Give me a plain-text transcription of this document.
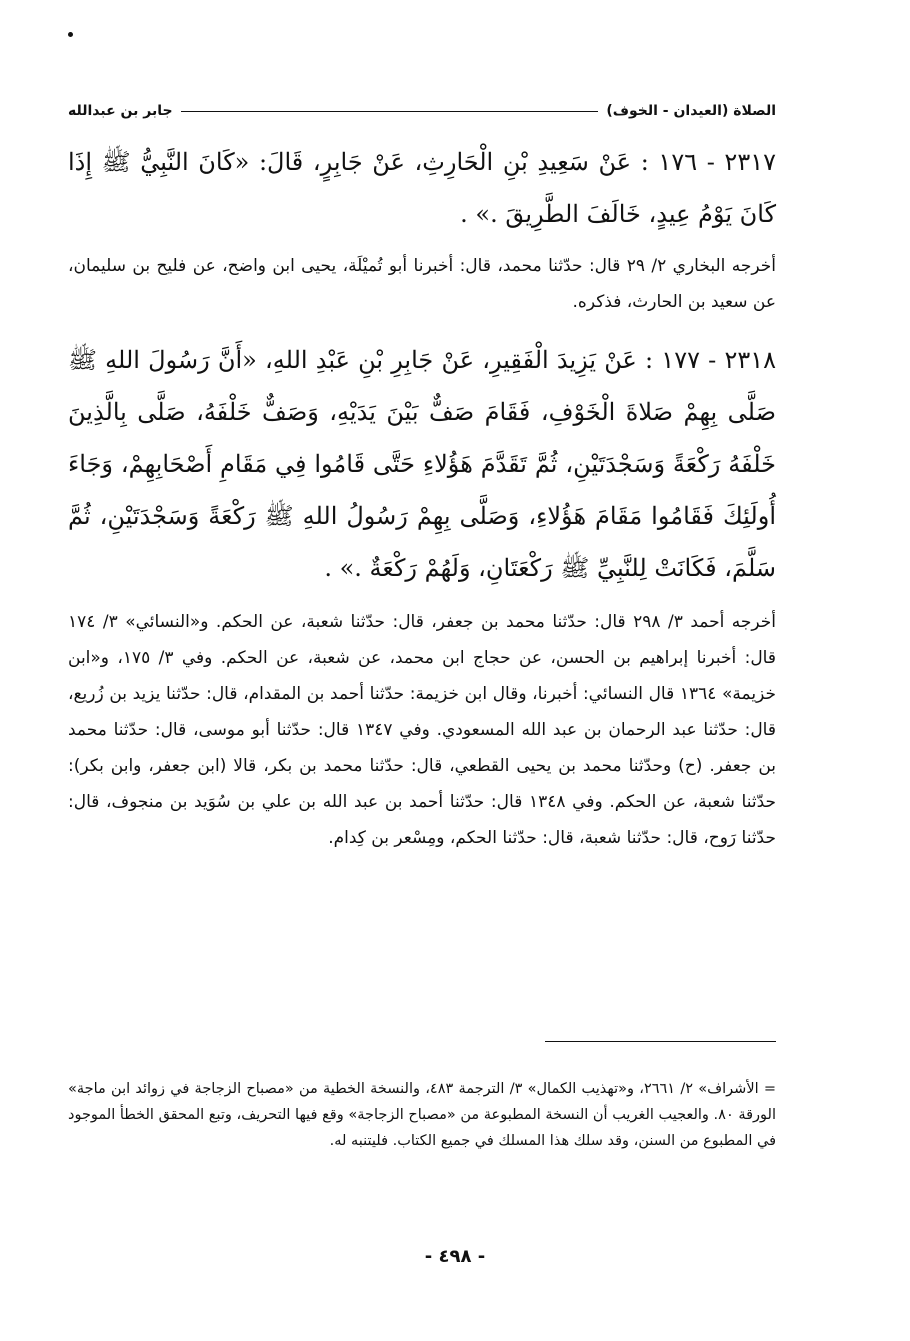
الصلاة (العيدان - الخوف)
جابر بن عبدالله

٢٣١٧ - ١٧٦ : عَنْ سَعِيدِ بْنِ الْحَارِثِ، عَنْ جَابِرٍ، قَالَ: «كَانَ النَّبِيُّ ﷺ إِذَا كَانَ يَوْمُ عِيدٍ، خَالَفَ الطَّرِيقَ .» .

أخرجه البخاري ٢/ ٢٩ قال: حدّثنا محمد، قال: أخبرنا أبو تُميْلَة، يحيى ابن واضح، عن فليح بن سليمان، عن سعيد بن الحارث، فذكره.

٢٣١٨ - ١٧٧ : عَنْ يَزِيدَ الْفَقِيرِ، عَنْ جَابِرِ بْنِ عَبْدِ اللهِ، «أَنَّ رَسُولَ اللهِ ﷺ صَلَّى بِهِمْ صَلاةَ الْخَوْفِ، فَقَامَ صَفٌّ بَيْنَ يَدَيْهِ، وَصَفٌّ خَلْفَهُ، صَلَّى بِالَّذِينَ خَلْفَهُ رَكْعَةً وَسَجْدَتَيْنِ، ثُمَّ تَقَدَّمَ هَؤُلاءِ حَتَّى قَامُوا فِي مَقَامِ أَصْحَابِهِمْ، وَجَاءَ أُولَئِكَ فَقَامُوا مَقَامَ هَؤُلاءِ، وَصَلَّى بِهِمْ رَسُولُ اللهِ ﷺ رَكْعَةً وَسَجْدَتَيْنِ، ثُمَّ سَلَّمَ، فَكَانَتْ لِلنَّبِيِّ ﷺ رَكْعَتَانِ، وَلَهُمْ رَكْعَةٌ .» .

أخرجه أحمد ٣/ ٢٩٨ قال: حدّثنا محمد بن جعفر، قال: حدّثنا شعبة، عن الحكم. و«النسائي» ٣/ ١٧٤ قال: أخبرنا إبراهيم بن الحسن، عن حجاج ابن محمد، عن شعبة، عن الحكم. وفي ٣/ ١٧٥، و«ابن خزيمة» ١٣٦٤ قال النسائي: أخبرنا، وقال ابن خزيمة: حدّثنا أحمد بن المقدام، قال: حدّثنا يزيد بن زُريع، قال: حدّثنا عبد الرحمان بن عبد الله المسعودي. وفي ١٣٤٧ قال: حدّثنا أبو موسى، قال: حدّثنا محمد بن جعفر. (ح) وحدّثنا محمد بن يحيى القطعي، قال: حدّثنا محمد بن بكر، قالا (ابن جعفر، وابن بكر): حدّثنا شعبة، عن الحكم. وفي ١٣٤٨ قال: حدّثنا أحمد بن عبد الله بن علي بن سُوَيد بن منجوف، قال: حدّثنا رَوح، قال: حدّثنا شعبة، قال: حدّثنا الحكم، ومِسْعر بن كِدام.

= الأشراف» ٢/ ٢٦٦١، و«تهذيب الكمال» ٣/ الترجمة ٤٨٣، والنسخة الخطية من «مصباح الزجاجة في زوائد ابن ماجة» الورقة ٨٠. والعجيب الغريب أن النسخة المطبوعة من «مصباح الزجاجة» وقع فيها التحريف، وتبع المحقق الخطأ الموجود في المطبوع من السنن، وقد سلك هذا المسلك في جميع الكتاب. فليتنبه له.

- ٤٩٨ -
